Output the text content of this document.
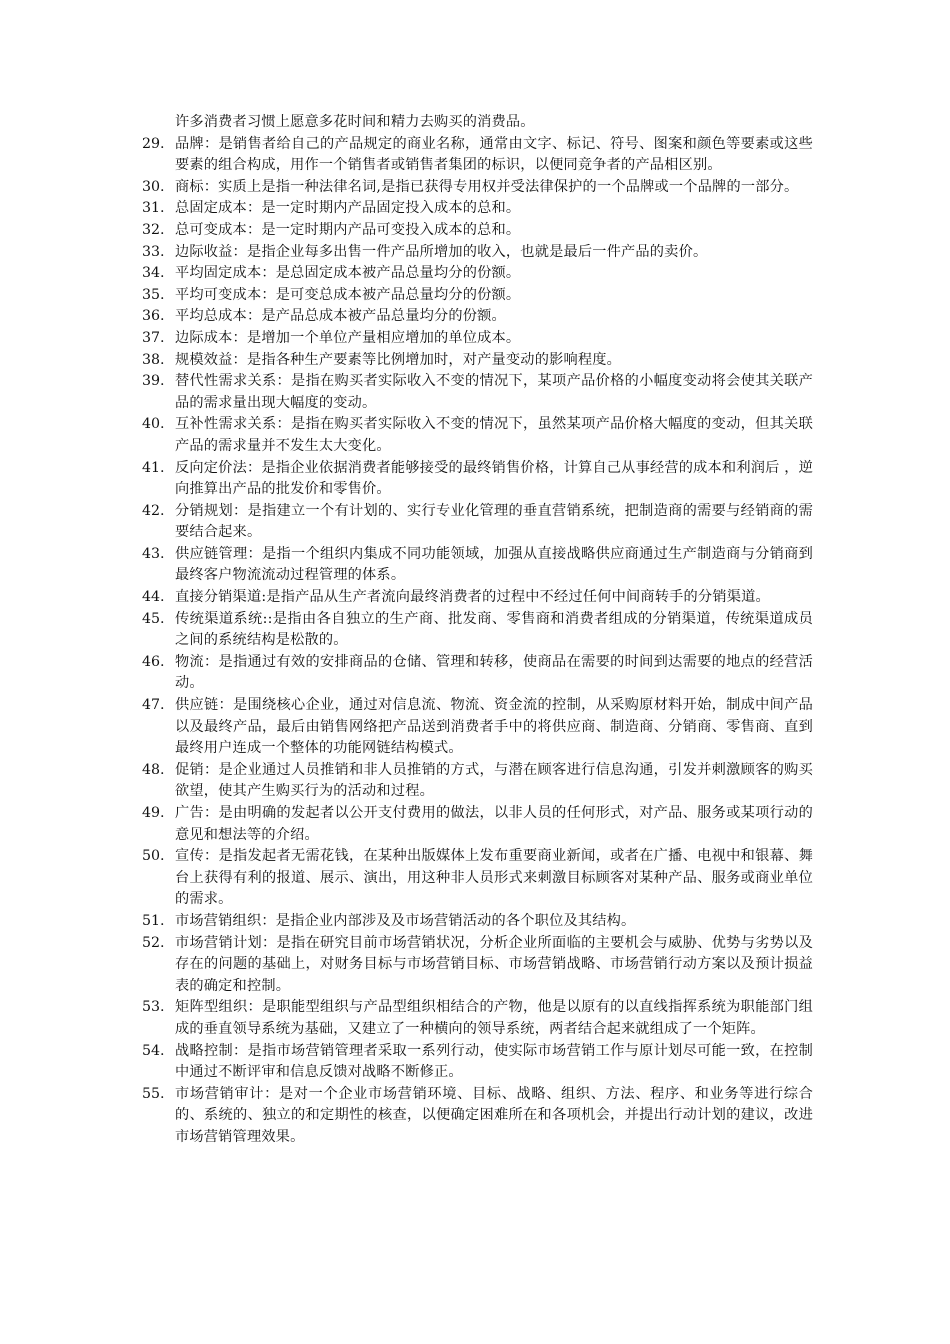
许多消费者习惯上愿意多花时间和精力去购买的消费品。
29. 品牌：是销售者给自己的产品规定的商业名称，通常由文字、标记、符号、图案和颜色等要素或这些要素的组合构成，用作一个销售者或销售者集团的标识，以便同竞争者的产品相区别。
30. 商标：实质上是指一种法律名词,是指已获得专用权并受法律保护的一个品牌或一个品牌的一部分。
31. 总固定成本：是一定时期内产品固定投入成本的总和。
32. 总可变成本：是一定时期内产品可变投入成本的总和。
33. 边际收益：是指企业每多出售一件产品所增加的收入，也就是最后一件产品的卖价。
34. 平均固定成本：是总固定成本被产品总量均分的份额。
35. 平均可变成本：是可变总成本被产品总量均分的份额。
36. 平均总成本：是产品总成本被产品总量均分的份额。
37. 边际成本：是增加一个单位产量相应增加的单位成本。
38. 规模效益：是指各种生产要素等比例增加时，对产量变动的影响程度。
39. 替代性需求关系：是指在购买者实际收入不变的情况下，某项产品价格的小幅度变动将会使其关联产品的需求量出现大幅度的变动。
40. 互补性需求关系：是指在购买者实际收入不变的情况下，虽然某项产品价格大幅度的变动，但其关联产品的需求量并不发生太大变化。
41. 反向定价法：是指企业依据消费者能够接受的最终销售价格，计算自己从事经营的成本和利润后 ，逆向推算出产品的批发价和零售价。
42. 分销规划：是指建立一个有计划的、实行专业化管理的垂直营销系统，把制造商的需要与经销商的需要结合起来。
43. 供应链管理：是指一个组织内集成不同功能领域，加强从直接战略供应商通过生产制造商与分销商到最终客户物流流动过程管理的体系。
44. 直接分销渠道:是指产品从生产者流向最终消费者的过程中不经过任何中间商转手的分销渠道。
45. 传统渠道系统::是指由各自独立的生产商、批发商、零售商和消费者组成的分销渠道，传统渠道成员之间的系统结构是松散的。
46. 物流：是指通过有效的安排商品的仓储、管理和转移，使商品在需要的时间到达需要的地点的经营活动。
47. 供应链：是围绕核心企业，通过对信息流、物流、资金流的控制，从采购原材料开始，制成中间产品以及最终产品，最后由销售网络把产品送到消费者手中的将供应商、制造商、分销商、零售商、直到最终用户连成一个整体的功能网链结构模式。
48. 促销：是企业通过人员推销和非人员推销的方式，与潜在顾客进行信息沟通，引发并刺激顾客的购买欲望，使其产生购买行为的活动和过程。
49. 广告：是由明确的发起者以公开支付费用的做法，以非人员的任何形式，对产品、服务或某项行动的意见和想法等的介绍。
50. 宣传：是指发起者无需花钱，在某种出版媒体上发布重要商业新闻，或者在广播、电视中和银幕、舞台上获得有利的报道、展示、演出，用这种非人员形式来刺激目标顾客对某种产品、服务或商业单位的需求。
51. 市场营销组织：是指企业内部涉及及市场营销活动的各个职位及其结构。
52. 市场营销计划：是指在研究目前市场营销状况，分析企业所面临的主要机会与威胁、优势与劣势以及存在的问题的基础上，对财务目标与市场营销目标、市场营销战略、市场营销行动方案以及预计损益表的确定和控制。
53. 矩阵型组织：是职能型组织与产品型组织相结合的产物，他是以原有的以直线指挥系统为职能部门组成的垂直领导系统为基础，又建立了一种横向的领导系统，两者结合起来就组成了一个矩阵。
54. 战略控制：是指市场营销管理者采取一系列行动，使实际市场营销工作与原计划尽可能一致，在控制中通过不断评审和信息反馈对战略不断修正。
55. 市场营销审计：是对一个企业市场营销环境、目标、战略、组织、方法、程序、和业务等进行综合的、系统的、独立的和定期性的核查，以便确定困难所在和各项机会，并提出行动计划的建议，改进市场营销管理效果。
